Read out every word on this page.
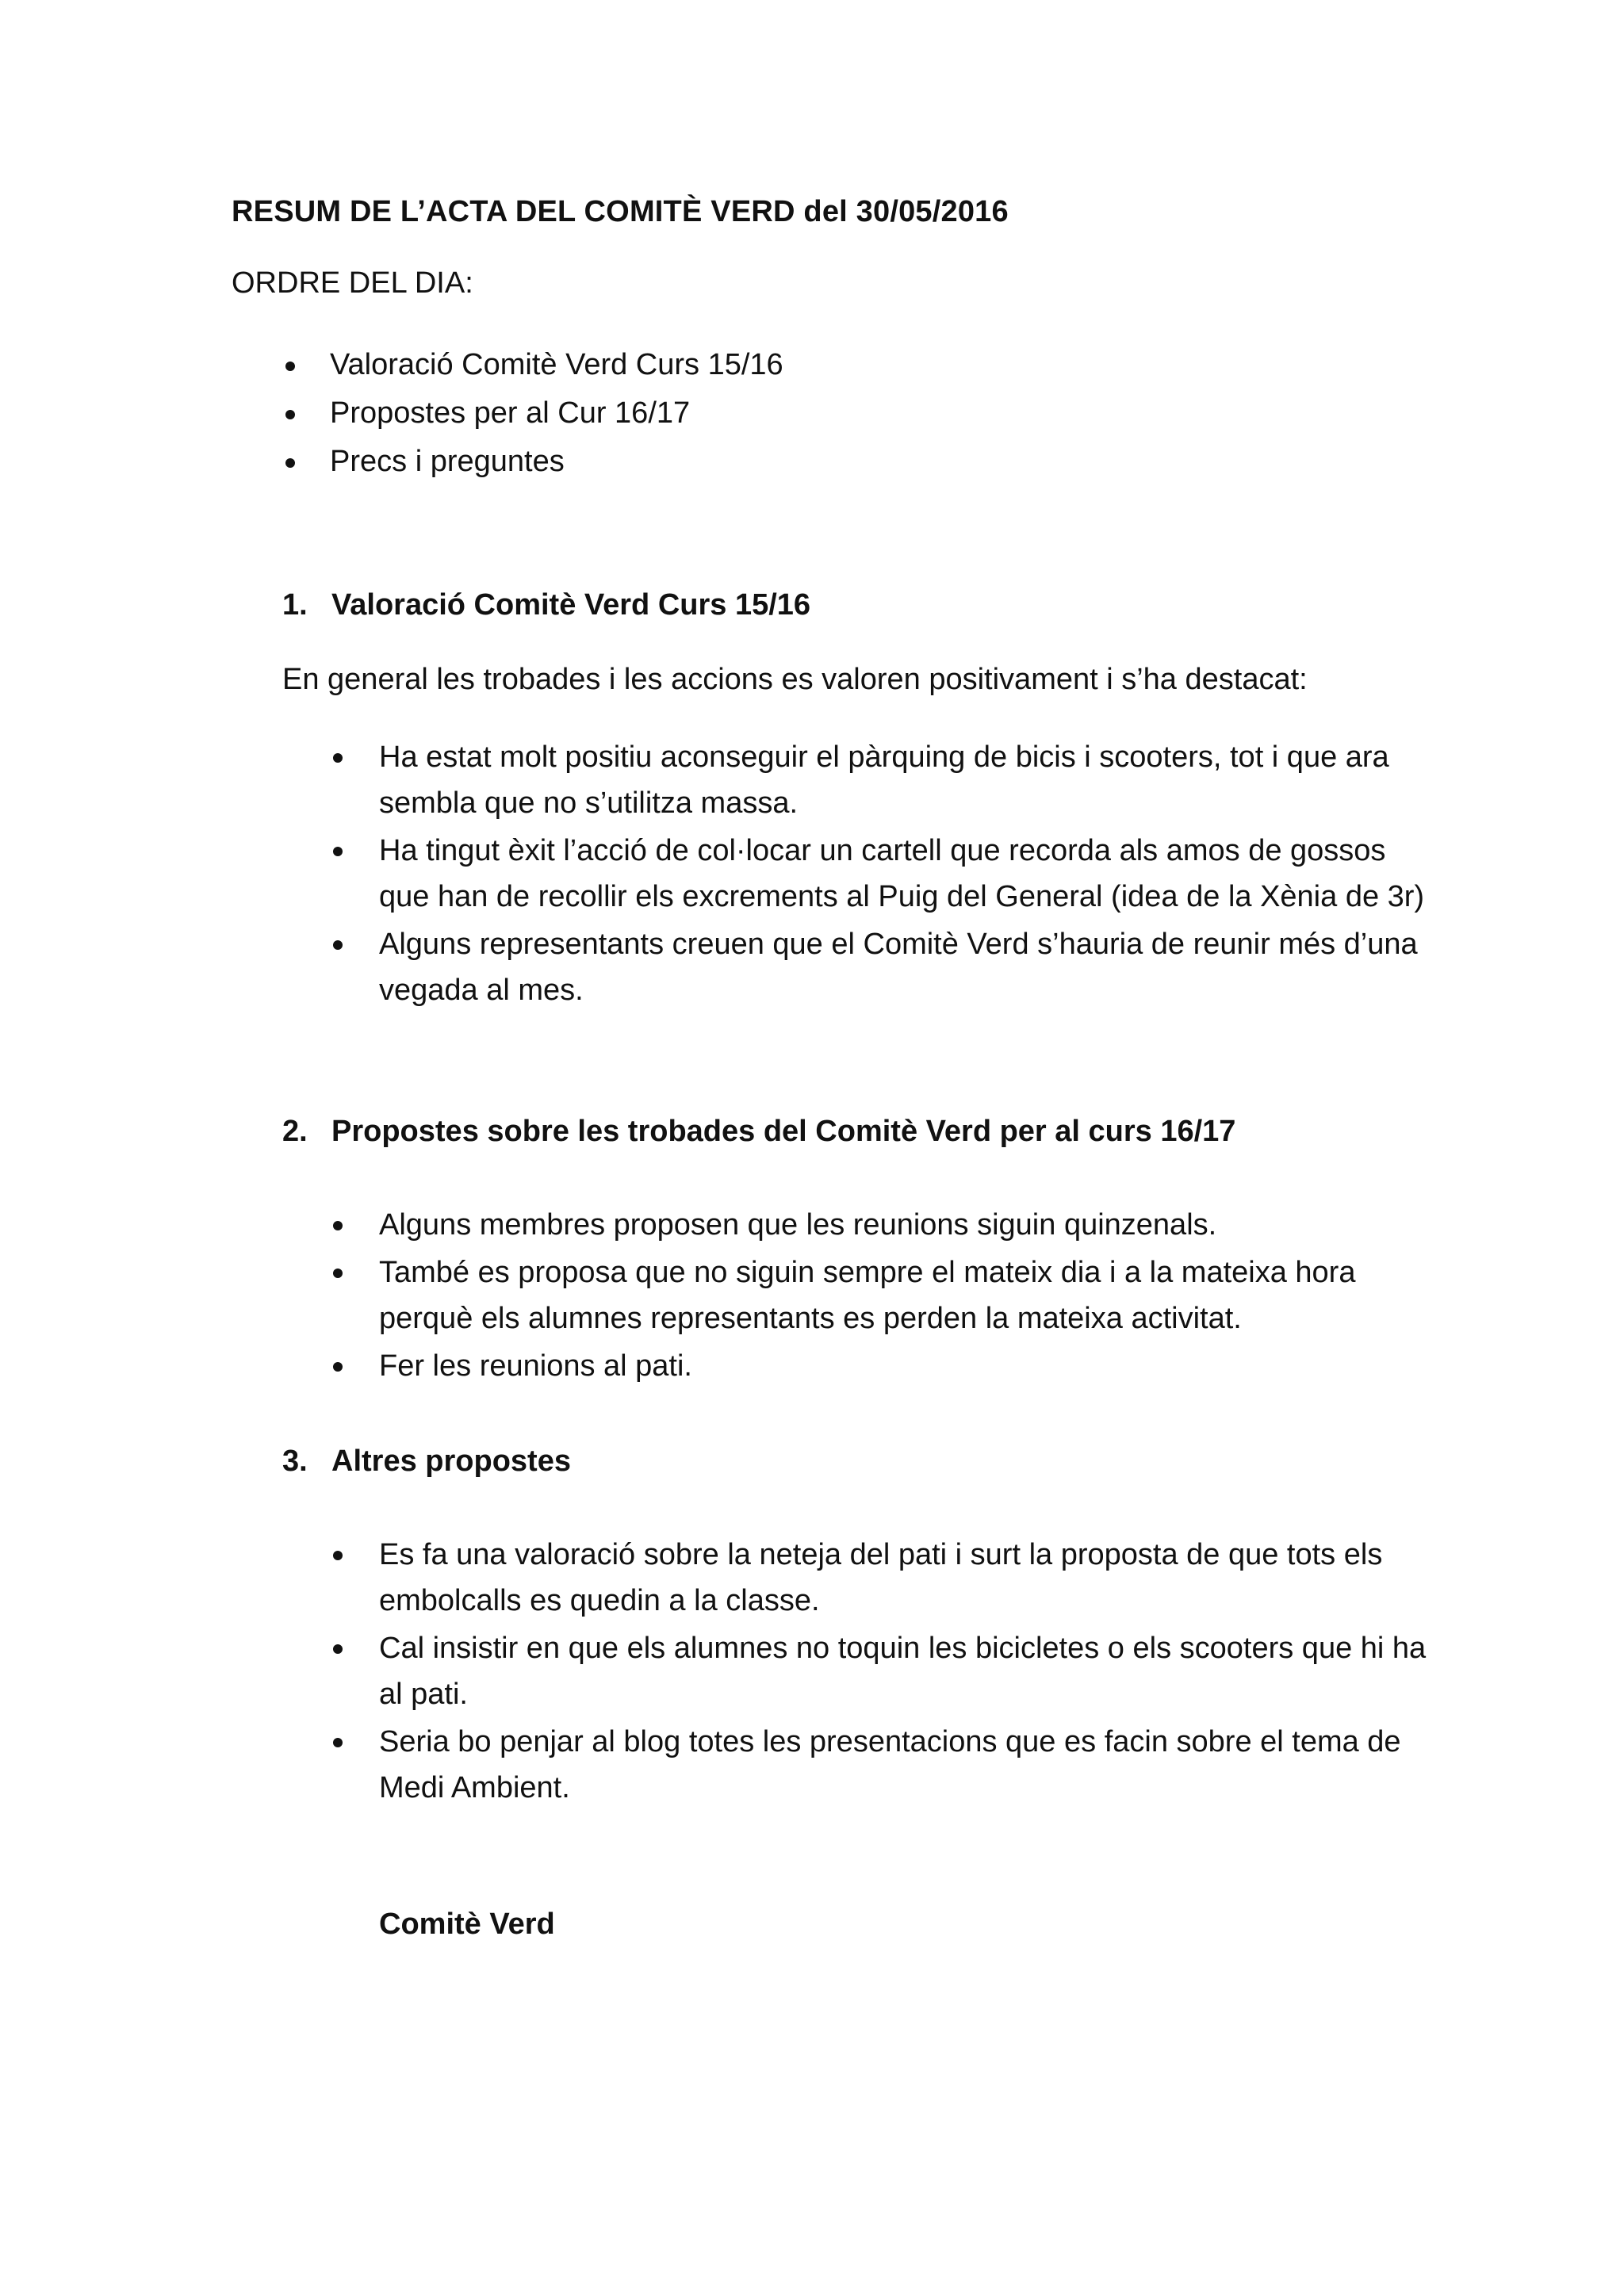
RESUM DE L’ACTA DEL COMITÈ VERD del 30/05/2016
ORDRE DEL DIA:
Valoració Comitè Verd Curs 15/16
Propostes per al Cur 16/17
Precs i preguntes
1. Valoració Comitè Verd Curs 15/16
En general les trobades i les accions es valoren positivament i s’ha destacat:
Ha estat molt positiu aconseguir el pàrquing de bicis i scooters, tot i que ara sembla que no s’utilitza massa.
Ha tingut èxit l’acció de col·locar un cartell que recorda als amos de gossos que han de recollir els excrements al Puig del General (idea de la Xènia de 3r)
Alguns representants creuen que el Comitè Verd s’hauria de reunir més d’una vegada al mes.
2. Propostes sobre les trobades del Comitè Verd per al curs 16/17
Alguns membres proposen que les reunions siguin quinzenals.
També es proposa que no siguin sempre el mateix dia i a la mateixa hora perquè els alumnes representants es perden la mateixa activitat.
Fer les reunions al pati.
3. Altres propostes
Es fa una valoració sobre la neteja del pati i surt la proposta de que tots els embolcalls es quedin a la classe.
Cal insistir en que els alumnes no toquin les bicicletes o els scooters que hi ha al pati.
Seria bo penjar al blog totes les presentacions que es facin sobre el tema de Medi Ambient.
Comitè Verd
